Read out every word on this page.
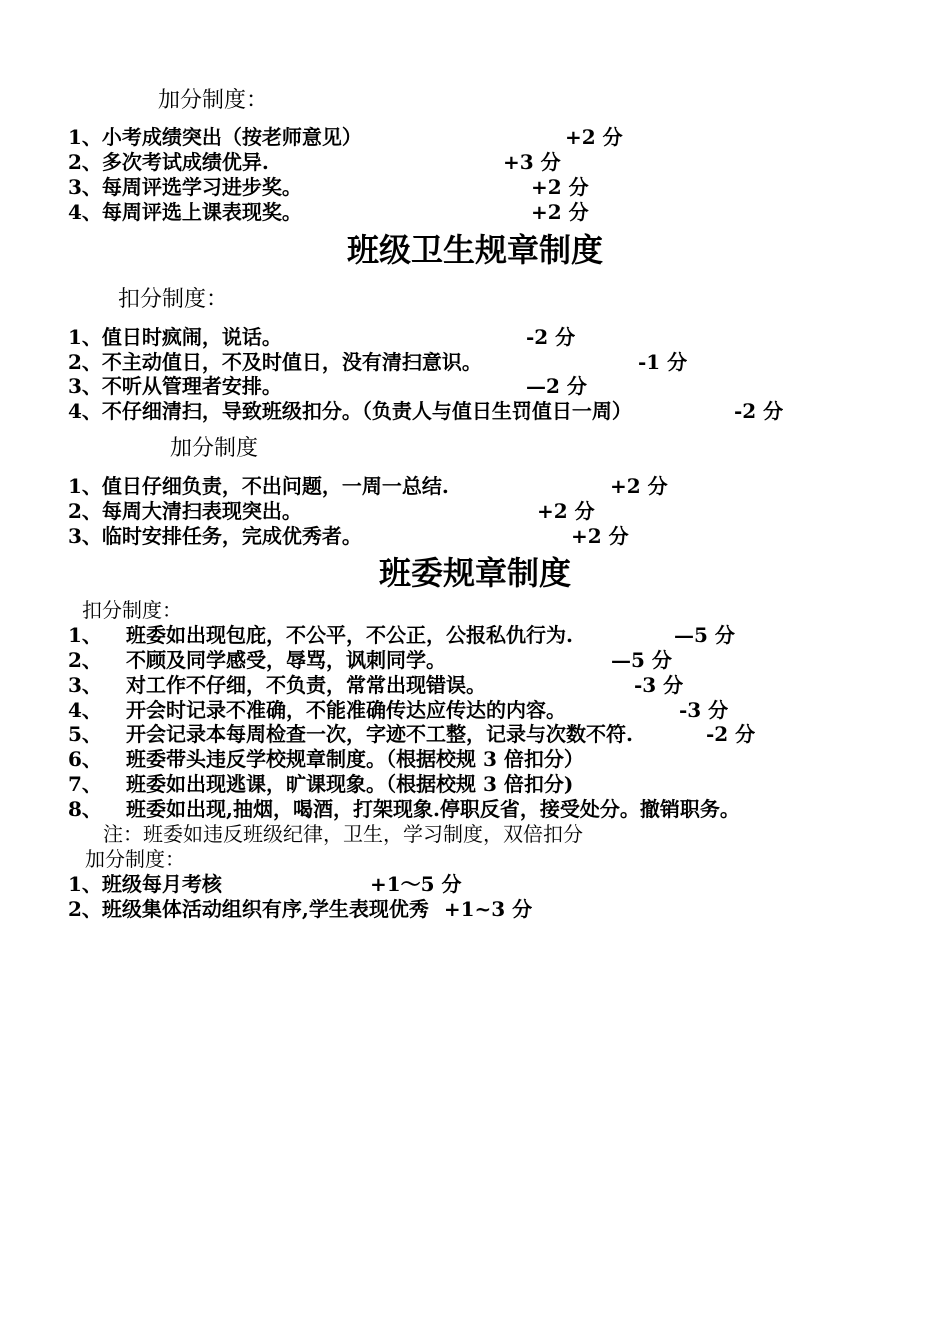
加分制度：
1、小考成绩突出（按老师意见）	+2 分
2、多次考试成绩优异.	+3 分
3、每周评选学习进步奖。	+2 分
4、每周评选上课表现奖。	+2 分
班级卫生规章制度
扣分制度：
1、值日时疯闹，说话。	-2 分
2、不主动值日，不及时值日，没有清扫意识。	-1 分
3、不听从管理者安排。	—2 分
4、不仔细清扫，导致班级扣分。（负责人与值日生罚值日一周）	-2 分
加分制度
1、值日仔细负责，不出问题，一周一总结.	+2 分
2、每周大清扫表现突出。	+2 分
3、临时安排任务，完成优秀者。	+2 分
班委规章制度
扣分制度：
1、 班委如出现包庇，不公平，不公正，公报私仇行为.	—5 分
2、 不顾及同学感受，辱骂，讽刺同学。	—5 分
3、 对工作不仔细，不负责，常常出现错误。	-3 分
4、 开会时记录不准确，不能准确传达应传达的内容。	-3 分
5、 开会记录本每周检查一次，字迹不工整，记录与次数不符.	-2 分
6、 班委带头违反学校规章制度。（根据校规 3 倍扣分）
7、 班委如出现逃课，旷课现象。（根据校规 3 倍扣分)
8、 班委如出现,抽烟，喝酒，打架现象.停职反省，接受处分。撤销职务。
注：班委如违反班级纪律，卫生，学习制度，双倍扣分
加分制度：
1、班级每月考核	+1～5 分
2、班级集体活动组织有序,学生表现优秀 +1~3 分
